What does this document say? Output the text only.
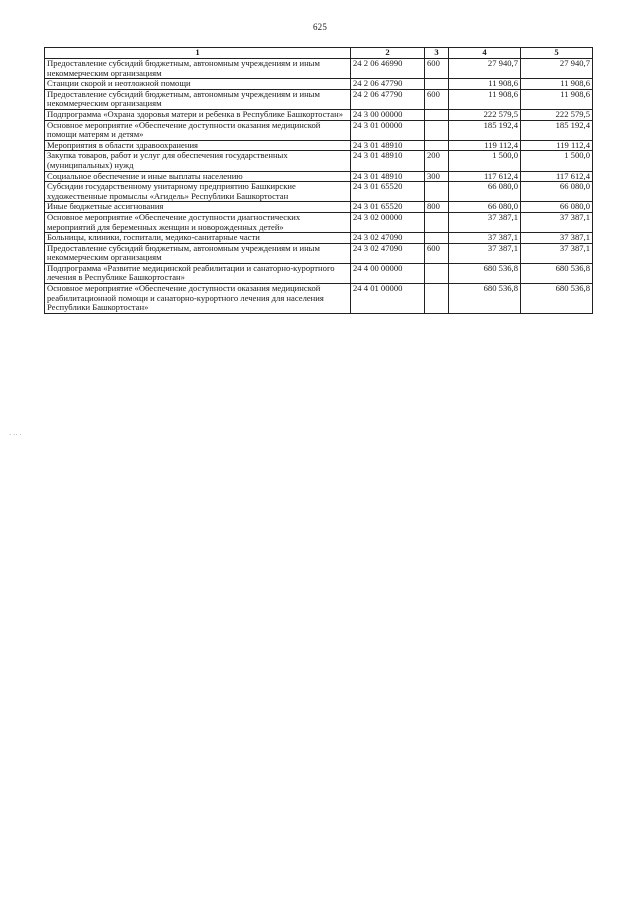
625
1	2	3	4	5
Предоставление субсидий бюджетным, автономным учреждениям и иным некоммерческим организациям	24 2 06 46990	600	27 940,7	27 940,7
Станции скорой и неотложной помощи	24 2 06 47790		11 908,6	11 908,6
Предоставление субсидий бюджетным, автономным учреждениям и иным некоммерческим организациям	24 2 06 47790	600	11 908,6	11 908,6
Подпрограмма «Охрана здоровья матери и ребенка в Республике Башкортостан»	24 3 00 00000		222 579,5	222 579,5
Основное мероприятие «Обеспечение доступности оказания медицинской помощи матерям и детям»	24 3 01 00000		185 192,4	185 192,4
Мероприятия в области здравоохранения	24 3 01 48910		119 112,4	119 112,4
Закупка товаров, работ и услуг для обеспечения государственных (муниципальных) нужд	24 3 01 48910	200	1 500,0	1 500,0
Социальное обеспечение и иные выплаты населению	24 3 01 48910	300	117 612,4	117 612,4
Субсидии государственному унитарному предприятию Башкирские художественные промыслы «Агидель» Республики Башкортостан	24 3 01 65520		66 080,0	66 080,0
Иные бюджетные ассигнования	24 3 01 65520	800	66 080,0	66 080,0
Основное мероприятие «Обеспечение доступности диагностических мероприятий для беременных женщин и новорожденных детей»	24 3 02 00000		37 387,1	37 387,1
Больницы, клиники, госпитали, медико-санитарные части	24 3 02 47090		37 387,1	37 387,1
Предоставление субсидий бюджетным, автономным учреждениям и иным некоммерческим организациям	24 3 02 47090	600	37 387,1	37 387,1
Подпрограмма «Развитие медицинской реабилитации и санаторно-курортного лечения в Республике Башкортостан»	24 4 00 00000		680 536,8	680 536,8
Основное мероприятие «Обеспечение доступности оказания медицинской реабилитационной помощи и санаторно-курортного лечения для населения Республики Башкортостан»	24 4 01 00000		680 536,8	680 536,8
· ·· ·
